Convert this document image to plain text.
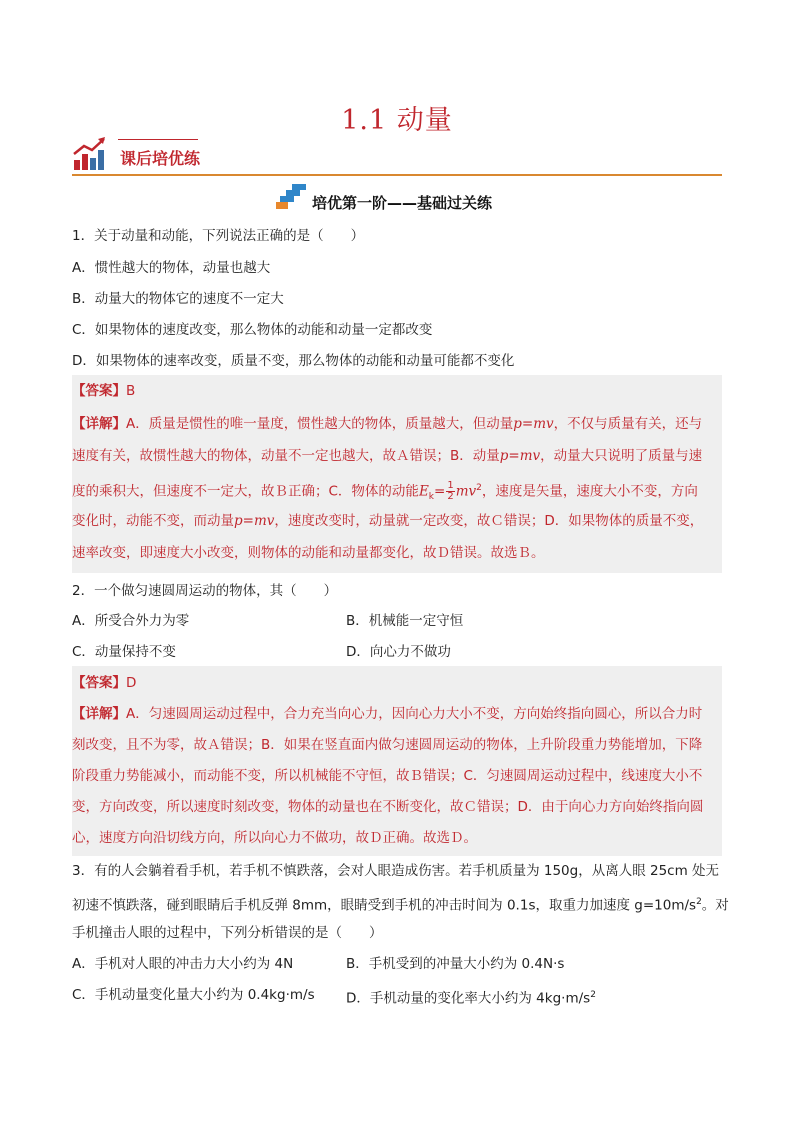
1.1 动量
课后培优练
培优第一阶——基础过关练
1．关于动量和动能，下列说法正确的是（　　）
A．惯性越大的物体，动量也越大
B．动量大的物体它的速度不一定大
C．如果物体的速度改变，那么物体的动能和动量一定都改变
D．如果物体的速率改变，质量不变，那么物体的动能和动量可能都不变化
【答案】B
【详解】A．质量是惯性的唯一量度，惯性越大的物体，质量越大，但动量p=mv，不仅与质量有关，还与
速度有关，故惯性越大的物体，动量不一定也越大，故Ａ错误；B．动量p=mv，动量大只说明了质量与速
度的乘积大，但速度不一定大，故Ｂ正确；C．物体的动能$E_k= \frac{1}{2} mv^2$，速度是矢量，速度大小不变，方向
变化时，动能不变，而动量p=mv，速度改变时，动量就一定改变，故Ｃ错误；D．如果物体的质量不变，
速率改变，即速度大小改变，则物体的动能和动量都变化，故Ｄ错误。故选Ｂ。
2．一个做匀速圆周运动的物体，其（　　）
A．所受合外力为零	B．机械能一定守恒
C．动量保持不变	D．向心力不做功
【答案】D
【详解】A．匀速圆周运动过程中，合力充当向心力，因向心力大小不变，方向始终指向圆心，所以合力时
刻改变，且不为零，故Ａ错误；B．如果在竖直面内做匀速圆周运动的物体，上升阶段重力势能增加，下降
阶段重力势能减小，而动能不变，所以机械能不守恒，故Ｂ错误；C．匀速圆周运动过程中，线速度大小不
变，方向改变，所以速度时刻改变，物体的动量也在不断变化，故Ｃ错误；D．由于向心力方向始终指向圆
心，速度方向沿切线方向，所以向心力不做功，故Ｄ正确。故选Ｄ。
3．有的人会躺着看手机，若手机不慎跌落，会对人眼造成伤害。若手机质量为 150g，从离人眼 25cm 处无
初速不慎跌落，碰到眼睛后手机反弹 8mm，眼睛受到手机的冲击时间为 0.1s，取重力加速度 $g=10m/s^2$。对
手机撞击人眼的过程中，下列分析错误的是（　　）
A．手机对人眼的冲击力大小约为 4N	B．手机受到的冲量大小约为 0.4N·s
C．手机动量变化量大小约为 0.4kg·m/s D．手机动量的变化率大小约为 $4kg\cdot m/s^2$
